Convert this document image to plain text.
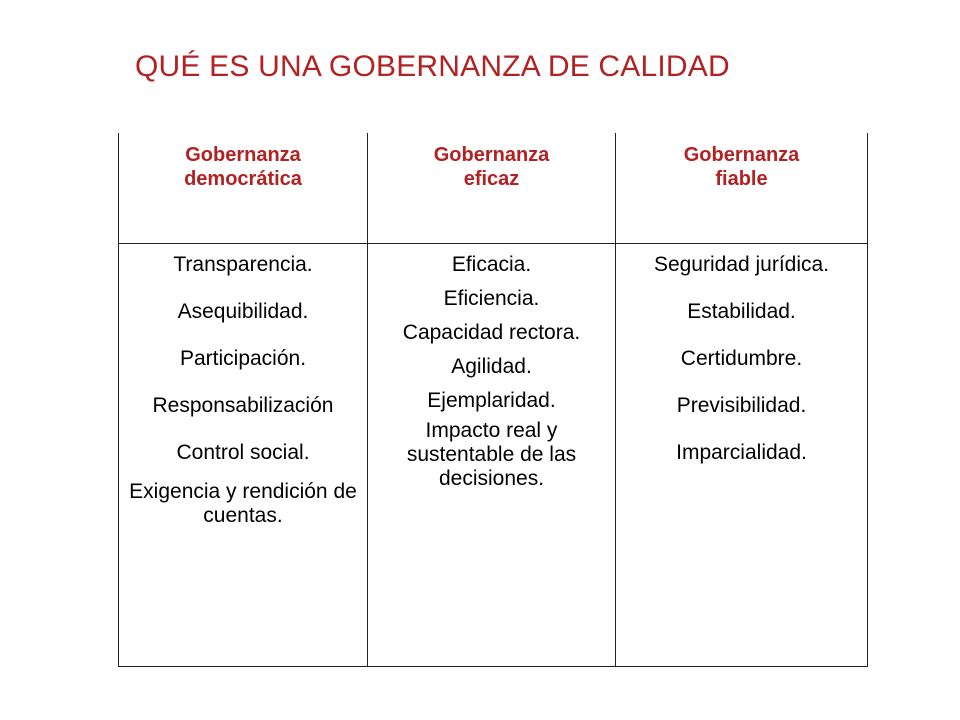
QUÉ ES UNA GOBERNANZA DE CALIDAD
Gobernanza
democrática
Transparencia.
Asequibilidad.
Participación.
Responsabilización
Control social.
Exigencia y rendición de cuentas.
Gobernanza
eficaz
Eficacia.
Eficiencia.
Capacidad rectora.
Agilidad.
Ejemplaridad.
Impacto real y sustentable de las decisiones.
Gobernanza
fiable
Seguridad jurídica.
Estabilidad.
Certidumbre.
Previsibilidad.
Imparcialidad.
